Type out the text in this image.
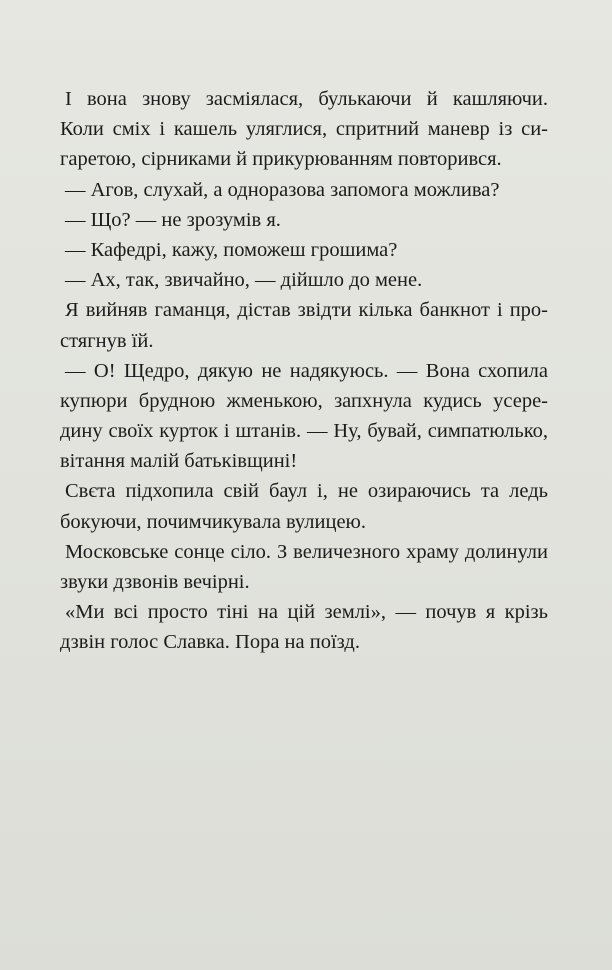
І вона знову засміялася, булькаючи й кашляючи.
Коли сміх і кашель уляглися, спритний маневр із си-
гаретою, сірниками й прикурюванням повторився.
— Агов, слухай, а одноразова запомога можлива?
— Що? — не зрозумів я.
— Кафедрі, кажу, поможеш грошима?
— Ах, так, звичайно, — дійшло до мене.
Я вийняв гаманця, дістав звідти кілька банкнот і про-
стягнув їй.
— О! Щедро, дякую не надякуюсь. — Вона схопила
купюри брудною жменькою, запхнула кудись усере-
дину своїх курток і штанів. — Ну, бувай, симпатюлько,
вітання малій батьківщині!
Свєта підхопила свій баул і, не озираючись та ледь
бокуючи, почимчикувала вулицею.
Московське сонце сіло. З величезного храму долинули
звуки дзвонів вечірні.
«Ми всі просто тіні на цій землі», — почув я крізь
дзвін голос Славка. Пора на поїзд.
